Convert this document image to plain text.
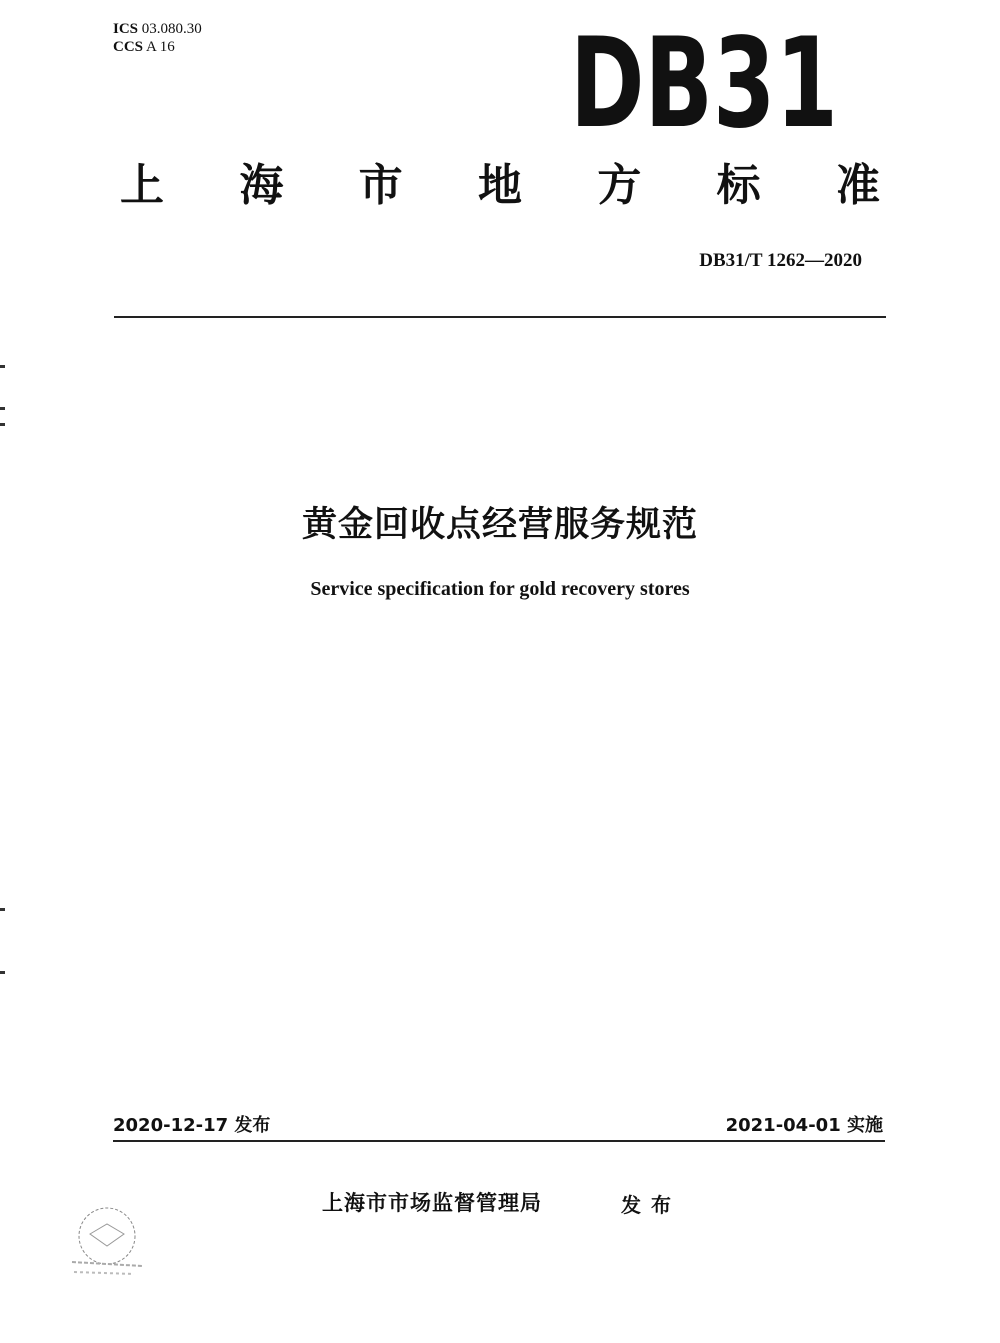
ICS 03.080.30
CCS A 16	DB31
上 海 市 地 方 标 准
DB31/T 1262—2020
黄金回收点经营服务规范
Service specification for gold recovery stores
2020-12-17 发布	2021-04-01 实施
上海市市场监督管理局	发布
